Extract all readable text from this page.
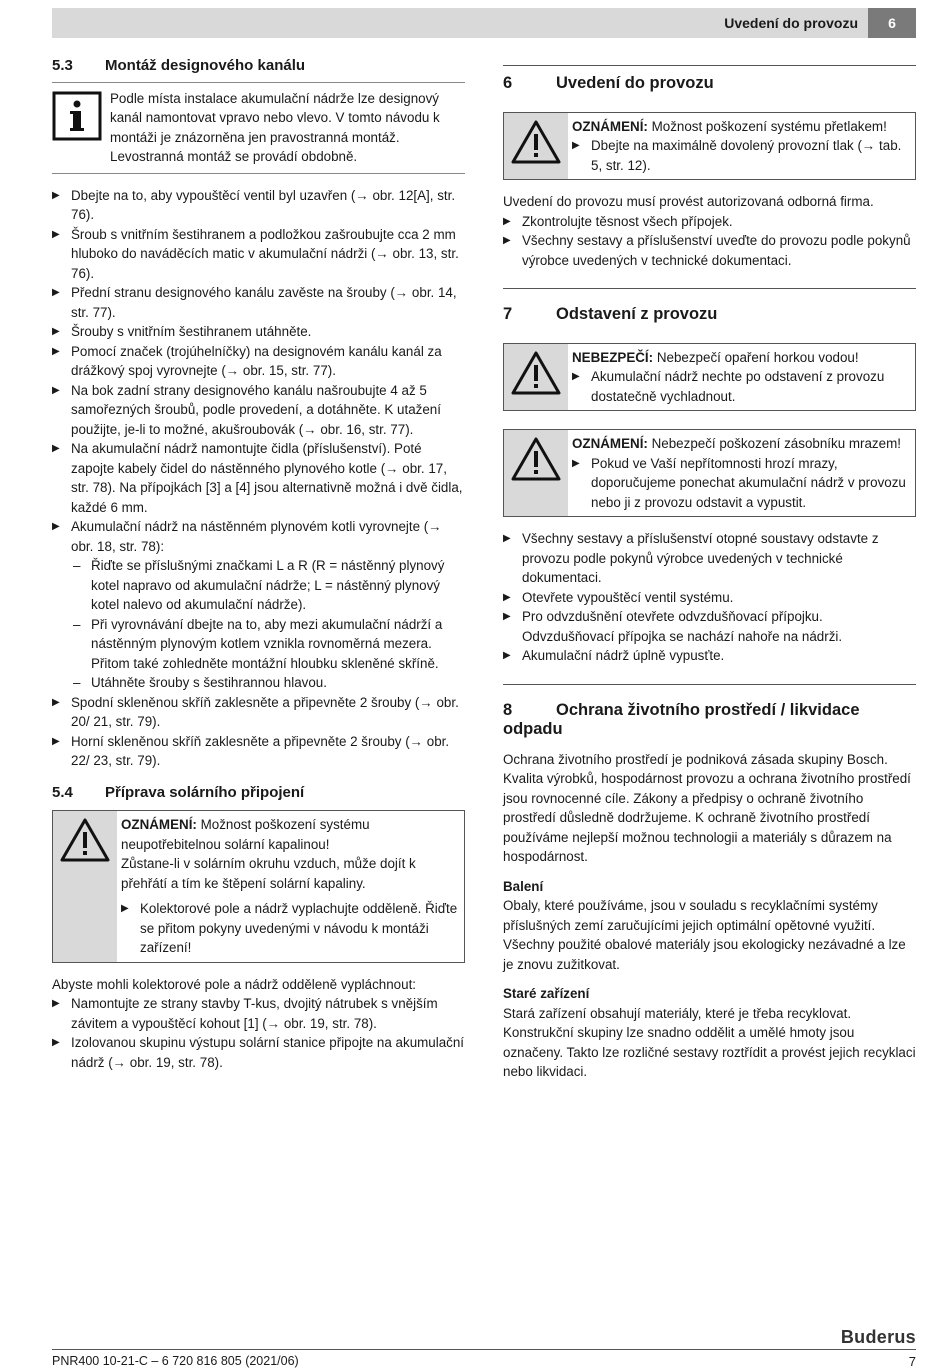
Uvedení do provozu	6
5.3 Montáž designového kanálu
Podle místa instalace akumulační nádrže lze designový kanál namontovat vpravo nebo vlevo. V tomto návodu k montáži je znázorněna jen pravostranná montáž. Levostranná montáž se provádí obdobně.
▶ Dbejte na to, aby vypouštěcí ventil byl uzavřen (→ obr. 12[A], str. 76).
▶ Šroub s vnitřním šestihranem a podložkou zašroubujte cca 2 mm hluboko do naváděcích matic v akumulační nádrži (→ obr. 13, str. 76).
▶ Přední stranu designového kanálu zavěste na šrouby (→ obr. 14, str. 77).
▶ Šrouby s vnitřním šestihranem utáhněte.
▶ Pomocí značek (trojúhelníčky) na designovém kanálu kanál za drážkový spoj vyrovnejte (→ obr. 15, str. 77).
▶ Na bok zadní strany designového kanálu našroubujte 4 až 5 samořezných šroubů, podle provedení, a dotáhněte. K utažení použijte, je-li to možné, akušroubovák (→ obr. 16, str. 77).
▶ Na akumulační nádrž namontujte čidla (příslušenství). Poté zapojte kabely čidel do nástěnného plynového kotle (→ obr. 17, str. 78). Na přípojkách [3] a [4] jsou alternativně možná i dvě čidla, každé 6 mm.
▶ Akumulační nádrž na nástěnném plynovém kotli vyrovnejte (→ obr. 18, str. 78):
– Řiďte se příslušnými značkami L a R (R = nástěnný plynový kotel napravo od akumulační nádrže; L = nástěnný plynový kotel nalevo od akumulační nádrže).
– Při vyrovnávání dbejte na to, aby mezi akumulační nádrží a nástěnným plynovým kotlem vznikla rovnoměrná mezera. Přitom také zohledněte montážní hloubku skleněné skříně.
– Utáhněte šrouby s šestihrannou hlavou.
▶ Spodní skleněnou skříň zaklesněte a připevněte 2 šrouby (→ obr. 20/ 21, str. 79).
▶ Horní skleněnou skříň zaklesněte a připevněte 2 šrouby (→ obr. 22/ 23, str. 79).
5.4 Příprava solárního připojení

OZNÁMENÍ: Možnost poškození systému neupotřebitelnou solární kapalinou!

Zůstane-li v solárním okruhu vzduch, může dojít k přehřátí a tím ke štěpení solární kapaliny.

▶ Kolektorové pole a nádrž vyplachujte odděleně. Řiďte se přitom pokyny uvedenými v návodu k montáži zařízení!

Abyste mohli kolektorové pole a nádrž odděleně vypláchnout:

▶ Namontujte ze strany stavby T-kus, dvojitý nátrubek s vnějším závitem a vypouštěcí kohout [1] (→ obr. 19, str. 78).
▶ Izolovanou skupinu výstupu solární stanice připojte na akumulační nádrž (→ obr. 19, str. 78).
6	Uvedení do provozu

OZNÁMENÍ: Možnost poškození systému přetlakem!

▶ Dbejte na maximálně dovolený provozní tlak (→ tab. 5, str. 12).

Uvedení do provozu musí provést autorizovaná odborná firma.

▶ Zkontrolujte těsnost všech přípojek.
▶ Všechny sestavy a příslušenství uveďte do provozu podle pokynů výrobce uvedených v technické dokumentaci.
7	Odstavení z provozu

NEBEZPEČÍ: Nebezpečí opaření horkou vodou!

▶ Akumulační nádrž nechte po odstavení z provozu dostatečně vychladnout.

OZNÁMENÍ: Nebezpečí poškození zásobníku mrazem!

▶ Pokud ve Vaší nepřítomnosti hrozí mrazy, doporučujeme ponechat akumulační nádrž v provozu nebo ji z provozu odstavit a vypustit.
▶ Všechny sestavy a příslušenství otopné soustavy odstavte z provozu podle pokynů výrobce uvedených v technické dokumentaci.
▶ Otevřete vypouštěcí ventil systému.
▶ Pro odvzdušnění otevřete odvzdušňovací přípojku. Odvzdušňovací přípojka se nachází nahoře na nádrži.
▶ Akumulační nádrž úplně vypusťte.
8	Ochrana životního prostředí / likvidace odpadu

Ochrana životního prostředí je podniková zásada skupiny Bosch. Kvalita výrobků, hospodárnost provozu a ochrana životního prostředí jsou rovnocenné cíle. Zákony a předpisy o ochraně životního prostředí důsledně dodržujeme. K ochraně životního prostředí používáme nejlepší možnou technologii a materiály s důrazem na hospodárnost.

Balení

Obaly, které používáme, jsou v souladu s recyklačními systémy příslušných zemí zaručujícími jejich optimální opětovné využití. Všechny použité obalové materiály jsou ekologicky nezávadné a lze je znovu zužitkovat.

Staré zařízení

Stará zařízení obsahují materiály, které je třeba recyklovat. Konstrukční skupiny lze snadno oddělit a umělé hmoty jsou označeny. Takto lze rozličné sestavy roztřídit a provést jejich recyklaci nebo likvidaci.

Buderus
PNR400 10-21-C – 6 720 816 805 (2021/06)	7
